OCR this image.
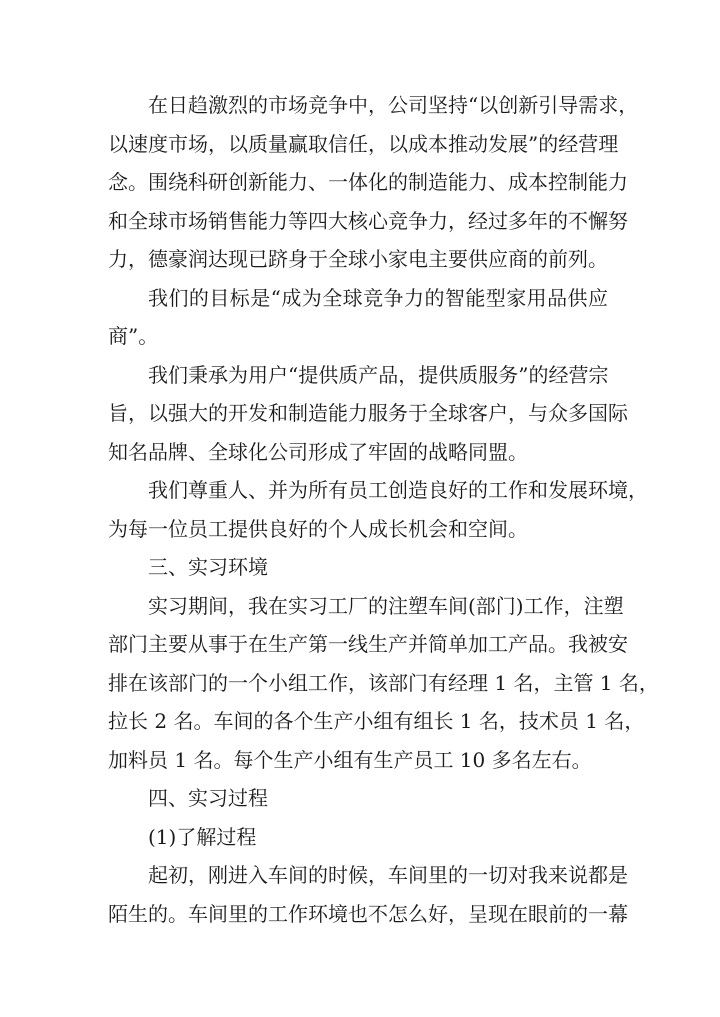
在日趋激烈的市场竞争中，公司坚持“以创新引导需求，
以速度市场，以质量赢取信任，以成本推动发展”的经营理
念。围绕科研创新能力、一体化的制造能力、成本控制能力
和全球市场销售能力等四大核心竞争力，经过多年的不懈努
力，德豪润达现已跻身于全球小家电主要供应商的前列。
我们的目标是“成为全球竞争力的智能型家用品供应
商”。
我们秉承为用户“提供质产品，提供质服务”的经营宗
旨，以强大的开发和制造能力服务于全球客户，与众多国际
知名品牌、全球化公司形成了牢固的战略同盟。
我们尊重人、并为所有员工创造良好的工作和发展环境，
为每一位员工提供良好的个人成长机会和空间。
三、实习环境
实习期间，我在实习工厂的注塑车间(部门)工作，注塑
部门主要从事于在生产第一线生产并简单加工产品。我被安
排在该部门的一个小组工作，该部门有经理 1 名，主管 1 名，
拉长 2 名。车间的各个生产小组有组长 1 名，技术员 1 名，
加料员 1 名。每个生产小组有生产员工 10 多名左右。
四、实习过程
(1)了解过程
起初，刚进入车间的时候，车间里的一切对我来说都是
陌生的。车间里的工作环境也不怎么好，呈现在眼前的一幕
